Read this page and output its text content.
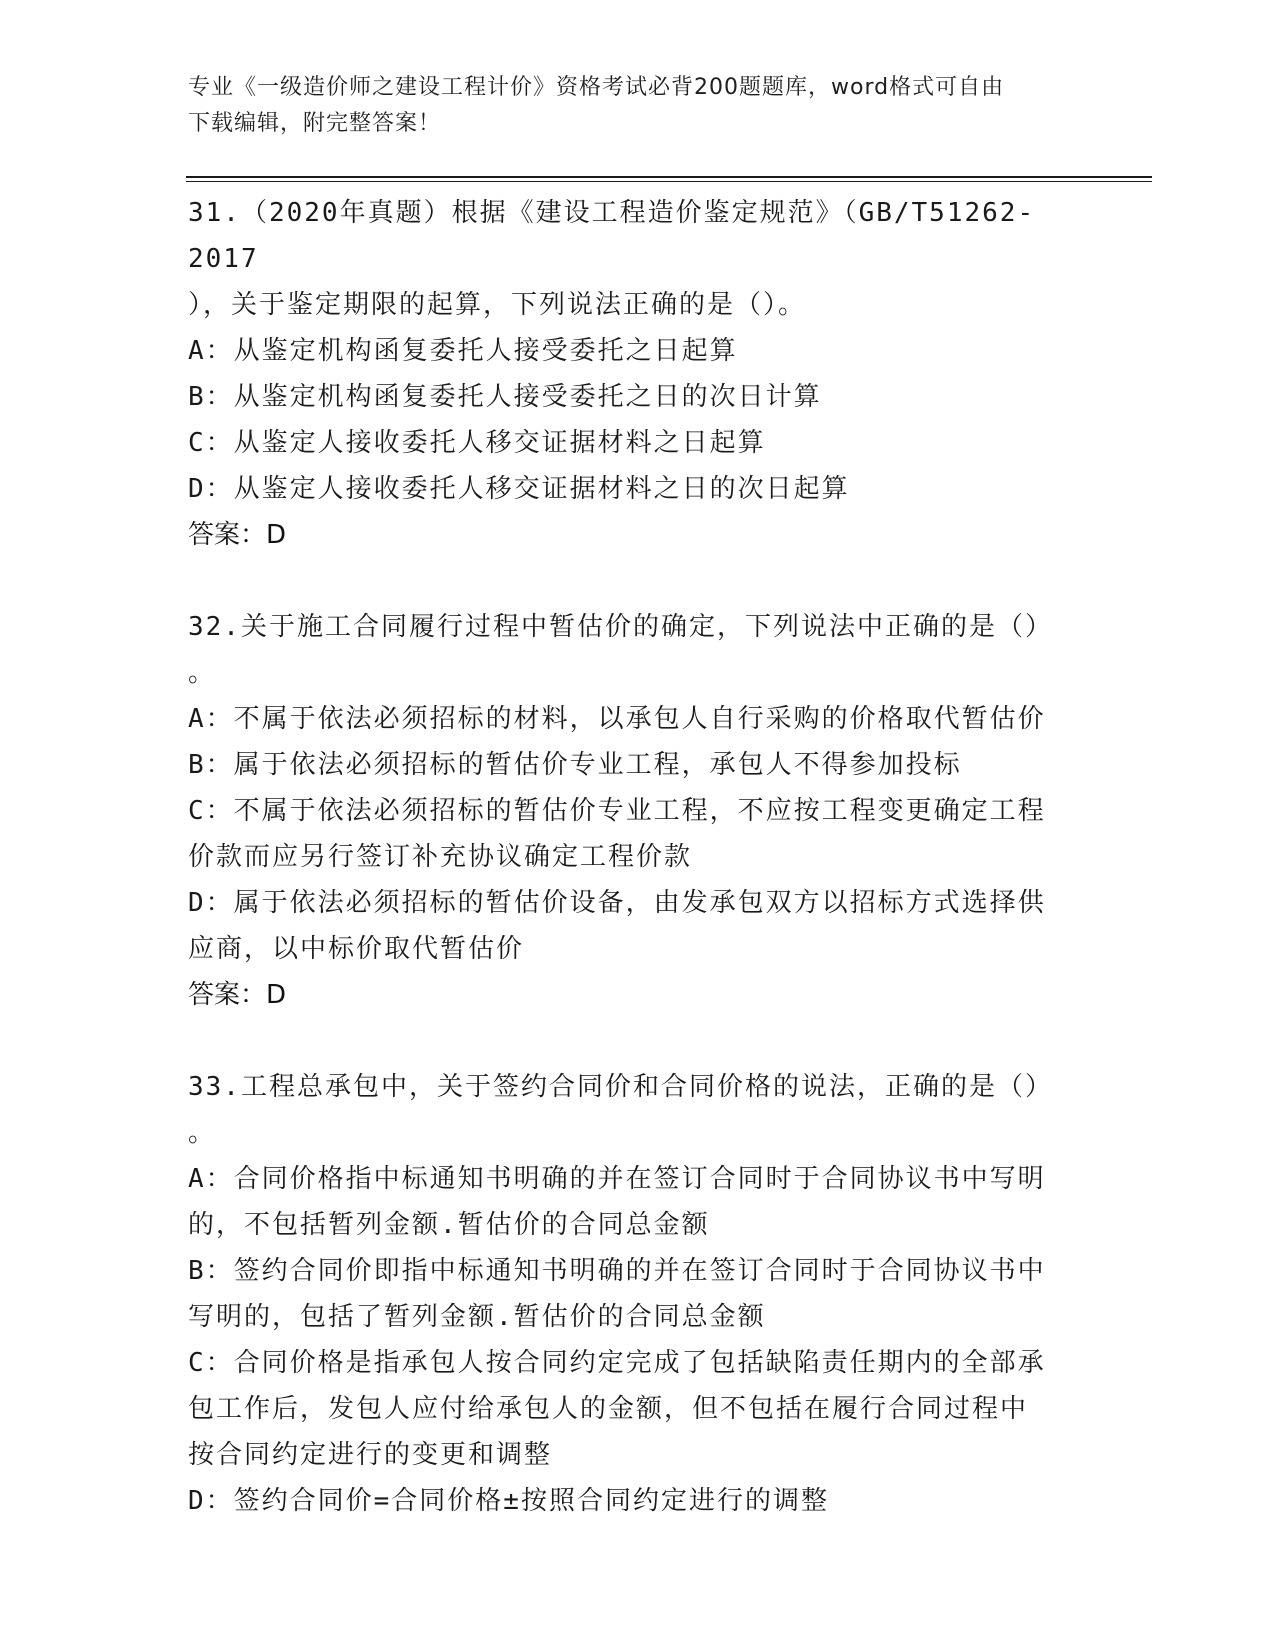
专业《一级造价师之建设工程计价》资格考试必背200题题库，word格式可自由
下载编辑，附完整答案！
31.（2020年真题）根据《建设工程造价鉴定规范》（GB/T51262-2017
），关于鉴定期限的起算，下列说法正确的是（）。
A：从鉴定机构函复委托人接受委托之日起算
B：从鉴定机构函复委托人接受委托之日的次日计算
C：从鉴定人接收委托人移交证据材料之日起算
D：从鉴定人接收委托人移交证据材料之日的次日起算
答案：D
32.关于施工合同履行过程中暂估价的确定，下列说法中正确的是（）
。
A：不属于依法必须招标的材料，以承包人自行采购的价格取代暂估价
B：属于依法必须招标的暂估价专业工程，承包人不得参加投标
C：不属于依法必须招标的暂估价专业工程，不应按工程变更确定工程
价款而应另行签订补充协议确定工程价款
D：属于依法必须招标的暂估价设备，由发承包双方以招标方式选择供
应商，以中标价取代暂估价
答案：D
33.工程总承包中，关于签约合同价和合同价格的说法，正确的是（）
。
A：合同价格指中标通知书明确的并在签订合同时于合同协议书中写明
的，不包括暂列金额.暂估价的合同总金额
B：签约合同价即指中标通知书明确的并在签订合同时于合同协议书中
写明的，包括了暂列金额.暂估价的合同总金额
C：合同价格是指承包人按合同约定完成了包括缺陷责任期内的全部承
包工作后，发包人应付给承包人的金额，但不包括在履行合同过程中
按合同约定进行的变更和调整
D：签约合同价=合同价格±按照合同约定进行的调整
